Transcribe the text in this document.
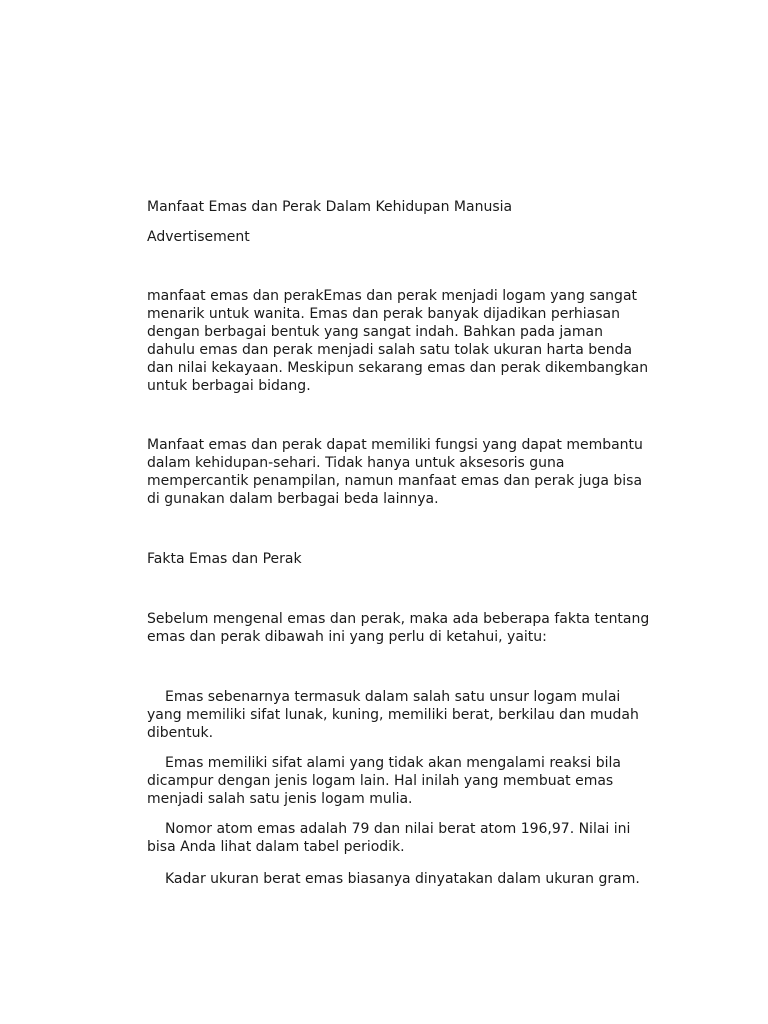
Manfaat Emas dan Perak Dalam Kehidupan Manusia

Advertisement

manfaat emas dan perakEmas dan perak menjadi logam yang sangat
menarik untuk wanita. Emas dan perak banyak dijadikan perhiasan
dengan berbagai bentuk yang sangat indah. Bahkan pada jaman
dahulu emas dan perak menjadi salah satu tolak ukuran harta benda
dan nilai kekayaan. Meskipun sekarang emas dan perak dikembangkan
untuk berbagai bidang.
Manfaat emas dan perak dapat memiliki fungsi yang dapat membantu
dalam kehidupan-sehari. Tidak hanya untuk aksesoris guna
mempercantik penampilan, namun manfaat emas dan perak juga bisa
di gunakan dalam berbagai beda lainnya.

Fakta Emas dan Perak

Sebelum mengenal emas dan perak, maka ada beberapa fakta tentang
emas dan perak dibawah ini yang perlu di ketahui, yaitu:
Emas sebenarnya termasuk dalam salah satu unsur logam mulai
yang memiliki sifat lunak, kuning, memiliki berat, berkilau dan mudah
dibentuk.
Emas memiliki sifat alami yang tidak akan mengalami reaksi bila
dicampur dengan jenis logam lain. Hal inilah yang membuat emas
menjadi salah satu jenis logam mulia.
Nomor atom emas adalah 79 dan nilai berat atom 196,97. Nilai ini
bisa Anda lihat dalam tabel periodik.
Kadar ukuran berat emas biasanya dinyatakan dalam ukuran gram.
